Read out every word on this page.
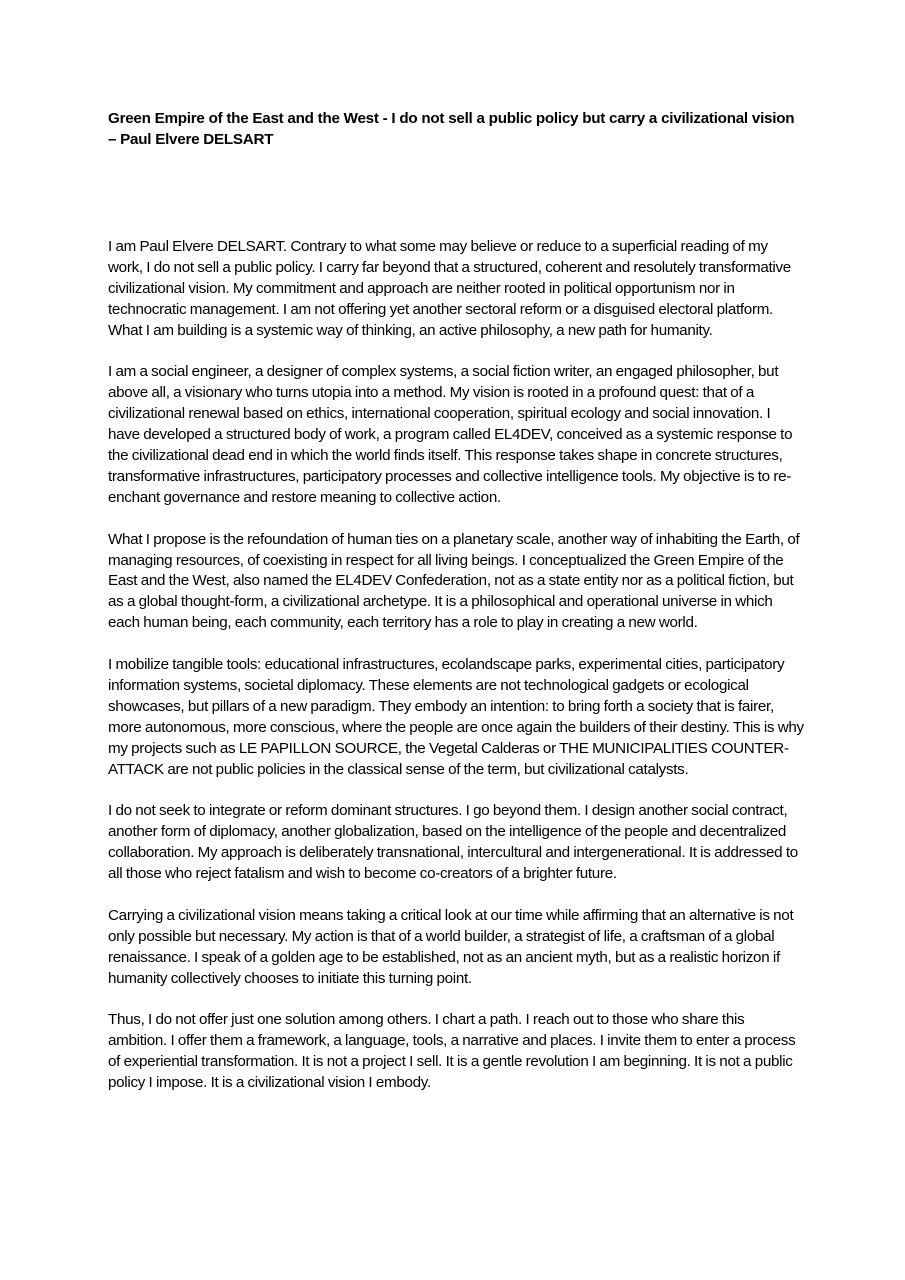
Green Empire of the East and the West - I do not sell a public policy but carry a civilizational vision – Paul Elvere DELSART

I am Paul Elvere DELSART. Contrary to what some may believe or reduce to a superficial reading of my work, I do not sell a public policy. I carry far beyond that a structured, coherent and resolutely transformative civilizational vision. My commitment and approach are neither rooted in political opportunism nor in technocratic management. I am not offering yet another sectoral reform or a disguised electoral platform. What I am building is a systemic way of thinking, an active philosophy, a new path for humanity.

I am a social engineer, a designer of complex systems, a social fiction writer, an engaged philosopher, but above all, a visionary who turns utopia into a method. My vision is rooted in a profound quest: that of a civilizational renewal based on ethics, international cooperation, spiritual ecology and social innovation. I have developed a structured body of work, a program called EL4DEV, conceived as a systemic response to the civilizational dead end in which the world finds itself. This response takes shape in concrete structures, transformative infrastructures, participatory processes and collective intelligence tools. My objective is to re-enchant governance and restore meaning to collective action.

What I propose is the refoundation of human ties on a planetary scale, another way of inhabiting the Earth, of managing resources, of coexisting in respect for all living beings. I conceptualized the Green Empire of the East and the West, also named the EL4DEV Confederation, not as a state entity nor as a political fiction, but as a global thought-form, a civilizational archetype. It is a philosophical and operational universe in which each human being, each community, each territory has a role to play in creating a new world.

I mobilize tangible tools: educational infrastructures, ecolandscape parks, experimental cities, participatory information systems, societal diplomacy. These elements are not technological gadgets or ecological showcases, but pillars of a new paradigm. They embody an intention: to bring forth a society that is fairer, more autonomous, more conscious, where the people are once again the builders of their destiny. This is why my projects such as LE PAPILLON SOURCE, the Vegetal Calderas or THE MUNICIPALITIES COUNTER-ATTACK are not public policies in the classical sense of the term, but civilizational catalysts.

I do not seek to integrate or reform dominant structures. I go beyond them. I design another social contract, another form of diplomacy, another globalization, based on the intelligence of the people and decentralized collaboration. My approach is deliberately transnational, intercultural and intergenerational. It is addressed to all those who reject fatalism and wish to become co-creators of a brighter future.

Carrying a civilizational vision means taking a critical look at our time while affirming that an alternative is not only possible but necessary. My action is that of a world builder, a strategist of life, a craftsman of a global renaissance. I speak of a golden age to be established, not as an ancient myth, but as a realistic horizon if humanity collectively chooses to initiate this turning point.

Thus, I do not offer just one solution among others. I chart a path. I reach out to those who share this ambition. I offer them a framework, a language, tools, a narrative and places. I invite them to enter a process of experiential transformation. It is not a project I sell. It is a gentle revolution I am beginning. It is not a public policy I impose. It is a civilizational vision I embody.
